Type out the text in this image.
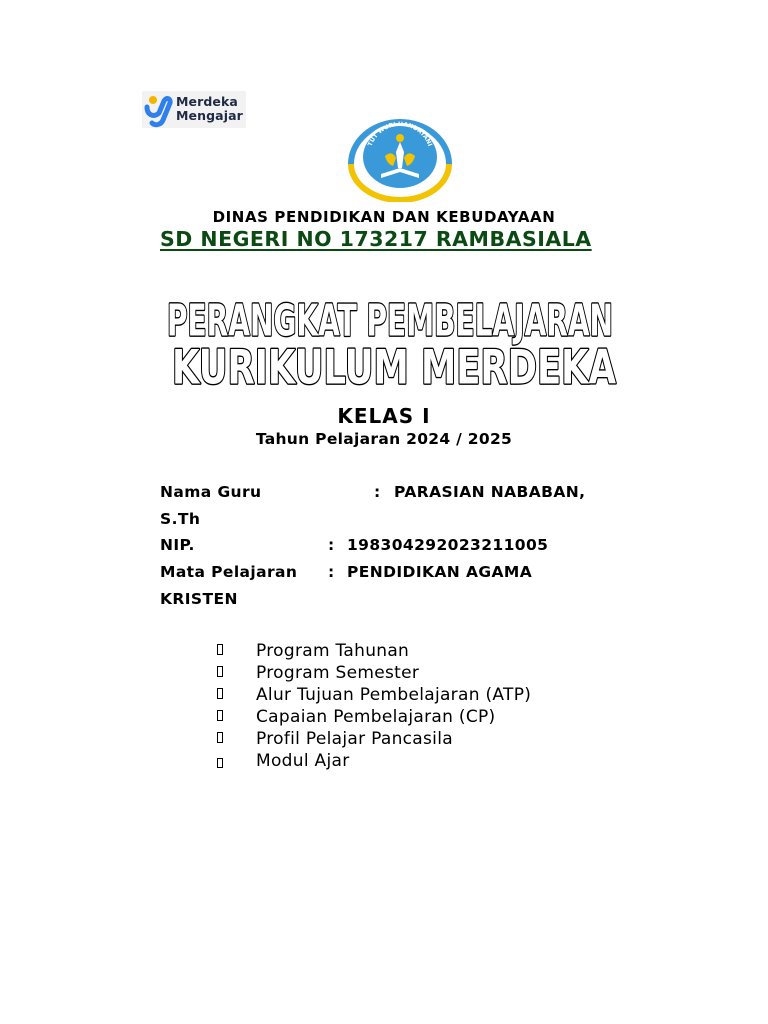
Merdeka
Mengajar
TUT WURI HANDAYANI
DINAS PENDIDIKAN DAN KEBUDAYAAN
SD NEGERI NO 173217 RAMBASIALA
PERANGKAT PEMBELAJARAN
KURIKULUM MERDEKA
KELAS I
Tahun Pelajaran 2024 / 2025
Nama Guru	: PARASIAN NABABAN,
S.Th
NIP.	: 198304292023211005
Mata Pelajaran : PENDIDIKAN AGAMA
KRISTEN
Program Tahunan
Program Semester
Alur Tujuan Pembelajaran (ATP)
Capaian Pembelajaran (CP)
Profil Pelajar Pancasila
Modul Ajar
